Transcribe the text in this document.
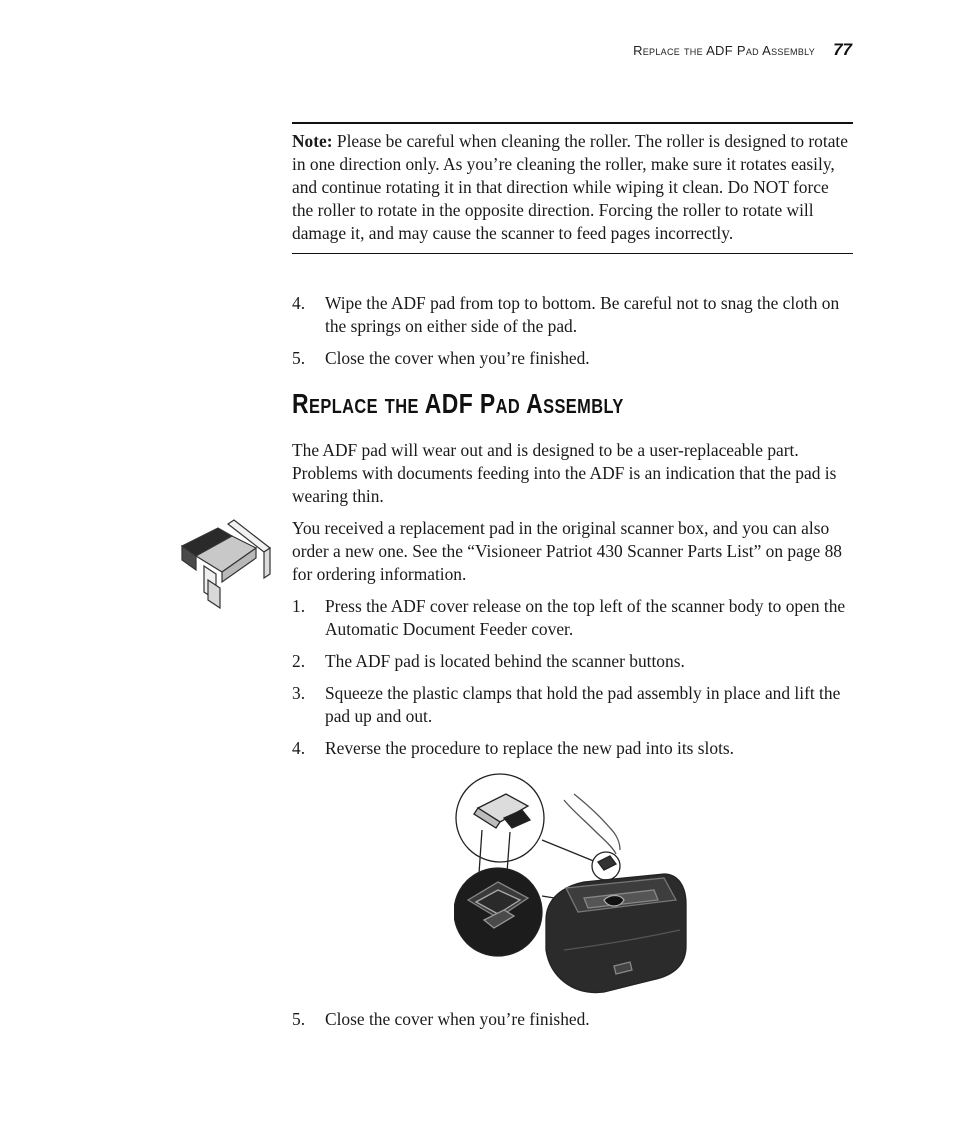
Replace the ADF Pad Assembly 77
Note: Please be careful when cleaning the roller. The roller is designed to rotate in one direction only. As you’re cleaning the roller, make sure it rotates easily, and continue rotating it in that direction while wiping it clean. Do NOT force the roller to rotate in the opposite direction. Forcing the roller to rotate will damage it, and may cause the scanner to feed pages incorrectly.
4.	Wipe the ADF pad from top to bottom. Be careful not to snag the cloth on the springs on either side of the pad.
5.	Close the cover when you’re finished.
Replace the ADF Pad Assembly

The ADF pad will wear out and is designed to be a user-replaceable part. Problems with documents feeding into the ADF is an indication that the pad is wearing thin.

You received a replacement pad in the original scanner box, and you can also order a new one. See the “Visioneer Patriot 430 Scanner Parts List” on page 88 for ordering information.

1.	Press the ADF cover release on the top left of the scanner body to open the Automatic Document Feeder cover.
2.	The ADF pad is located behind the scanner buttons.
3.	Squeeze the plastic clamps that hold the pad assembly in place and lift the pad up and out.
4.	Reverse the procedure to replace the new pad into its slots.
5.	Close the cover when you’re finished.
